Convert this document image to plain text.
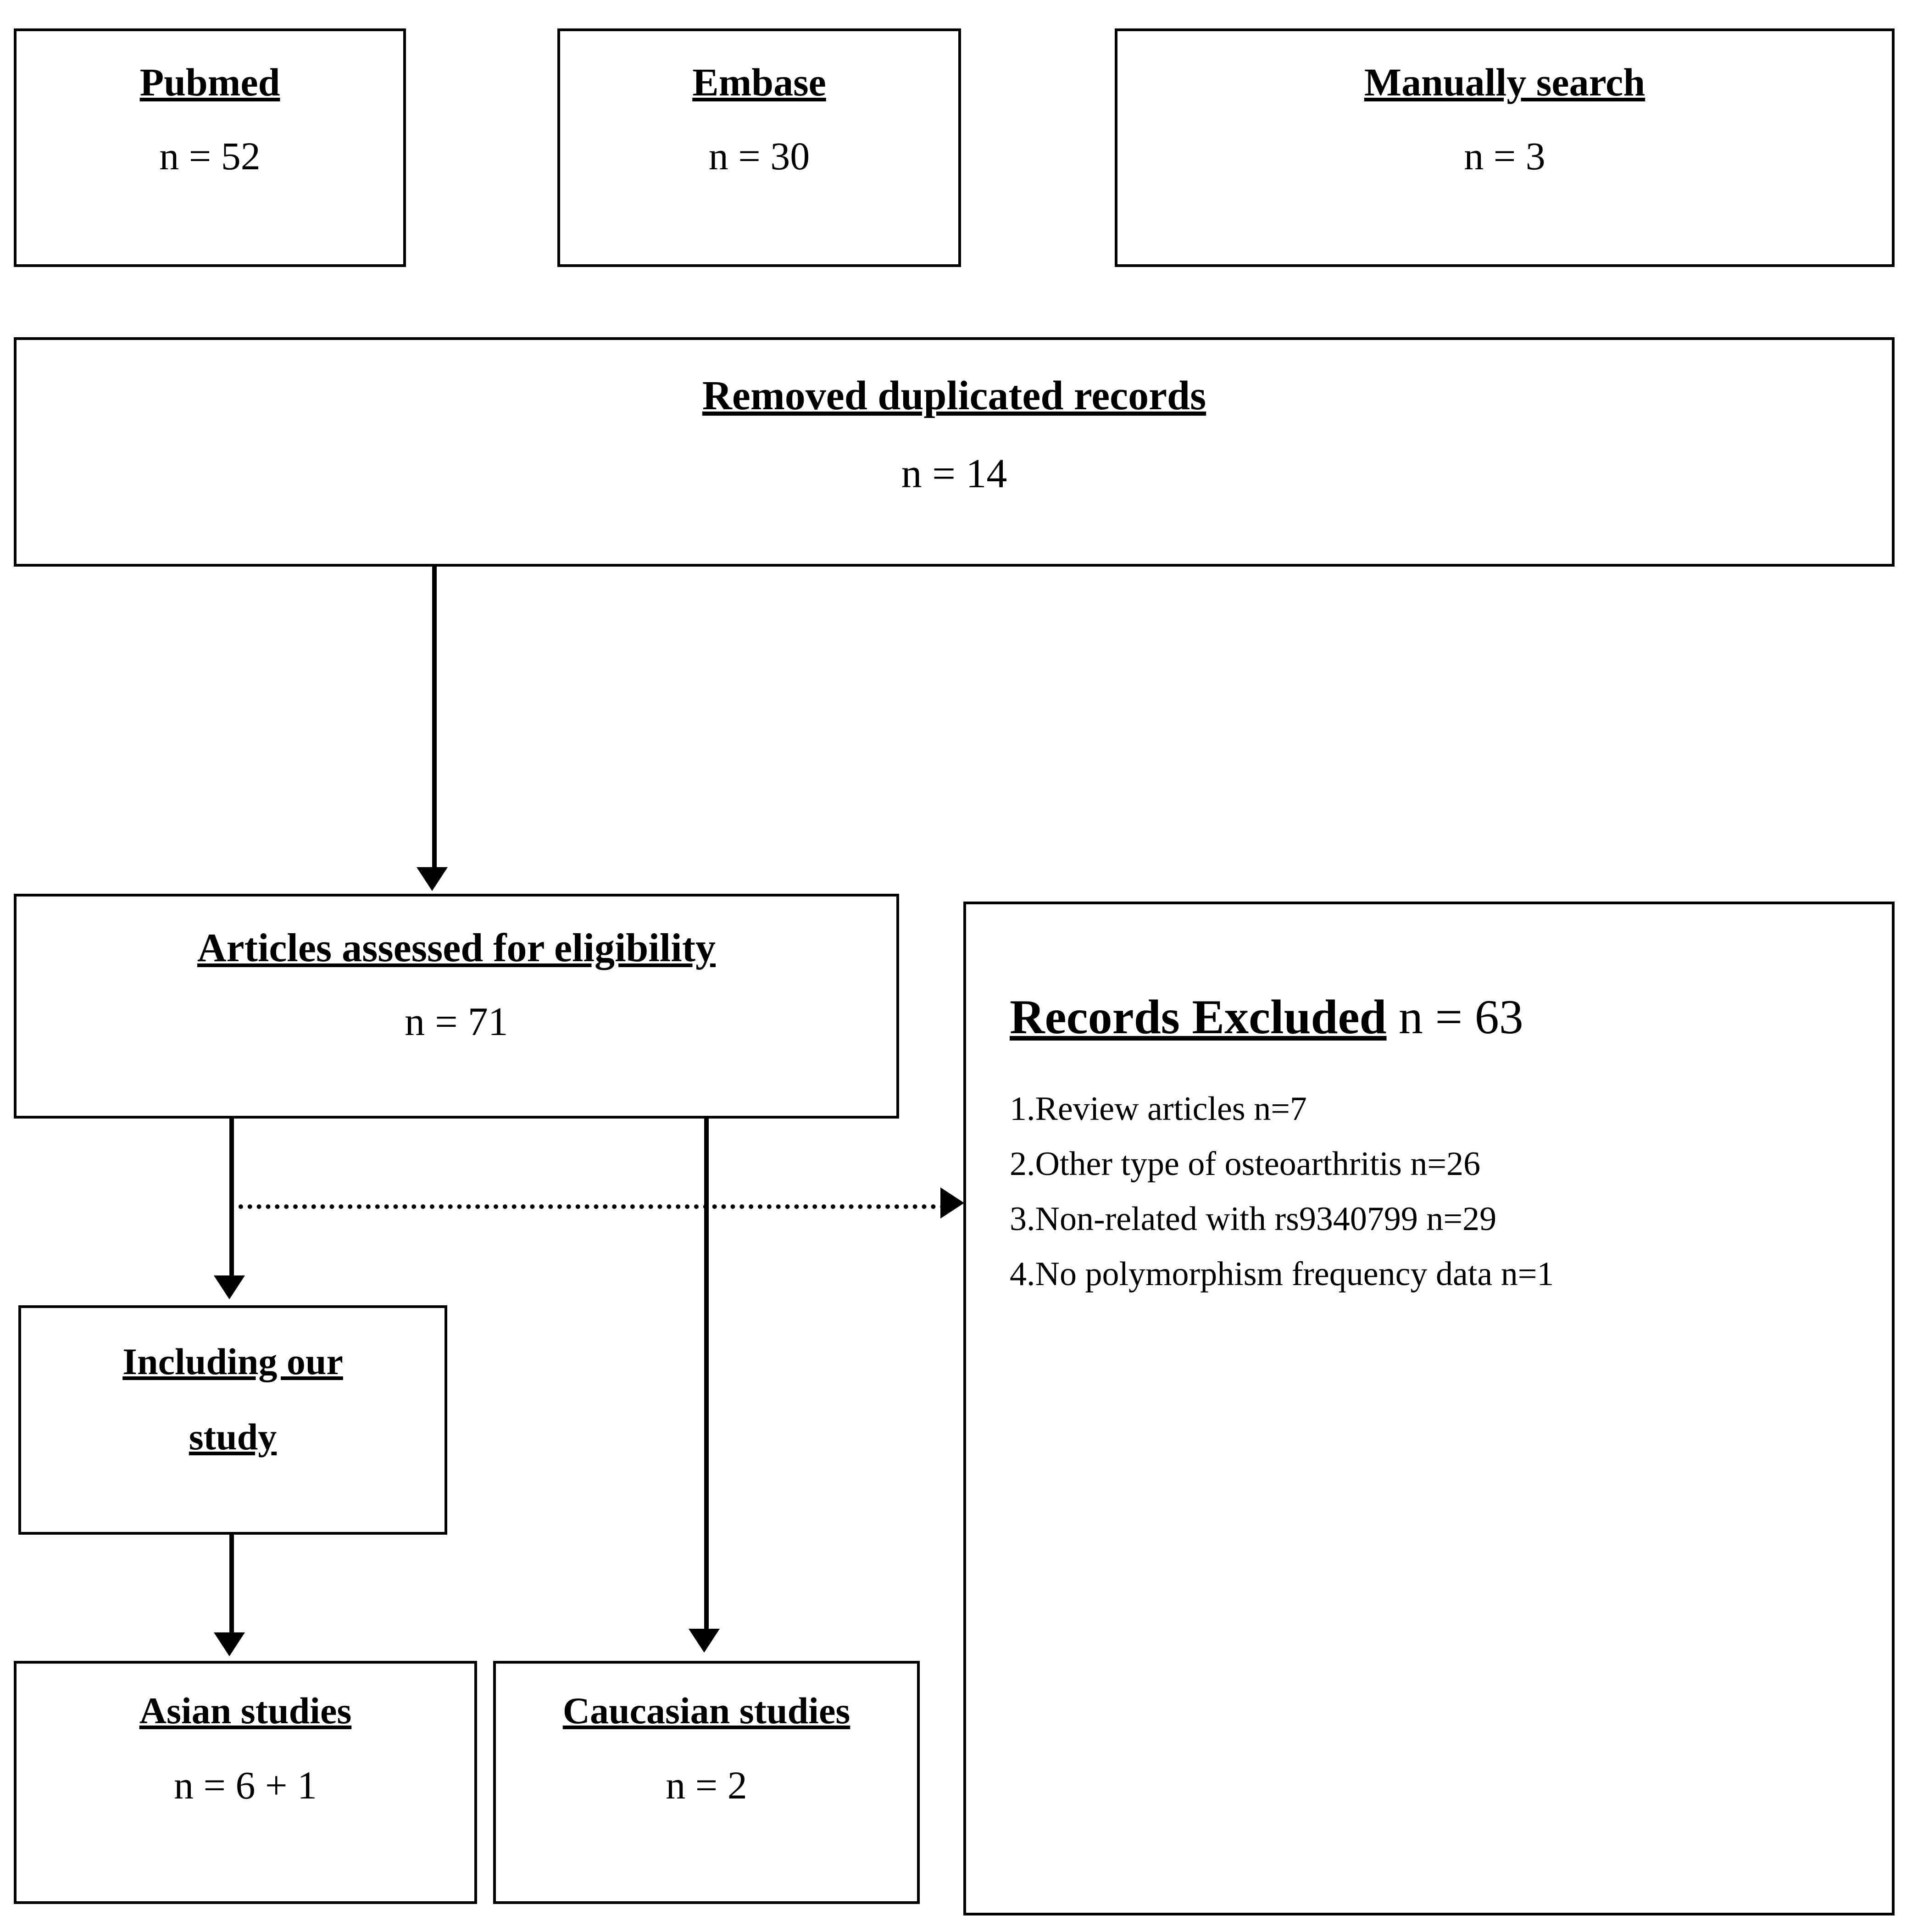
Pubmed
n = 52
Embase
n = 30
Manually search
n = 3
Removed duplicated records
n = 14
Articles assessed for eligibility
n = 71	Records Excluded n = 63
1.Review articles n=7
2.Other type of osteoarthritis n=26
3.Non-related with rs9340799 n=29
4.No polymorphism frequency data n=1
Including our
study
Asian studies
n = 6 + 1
Caucasian studies
n = 2
